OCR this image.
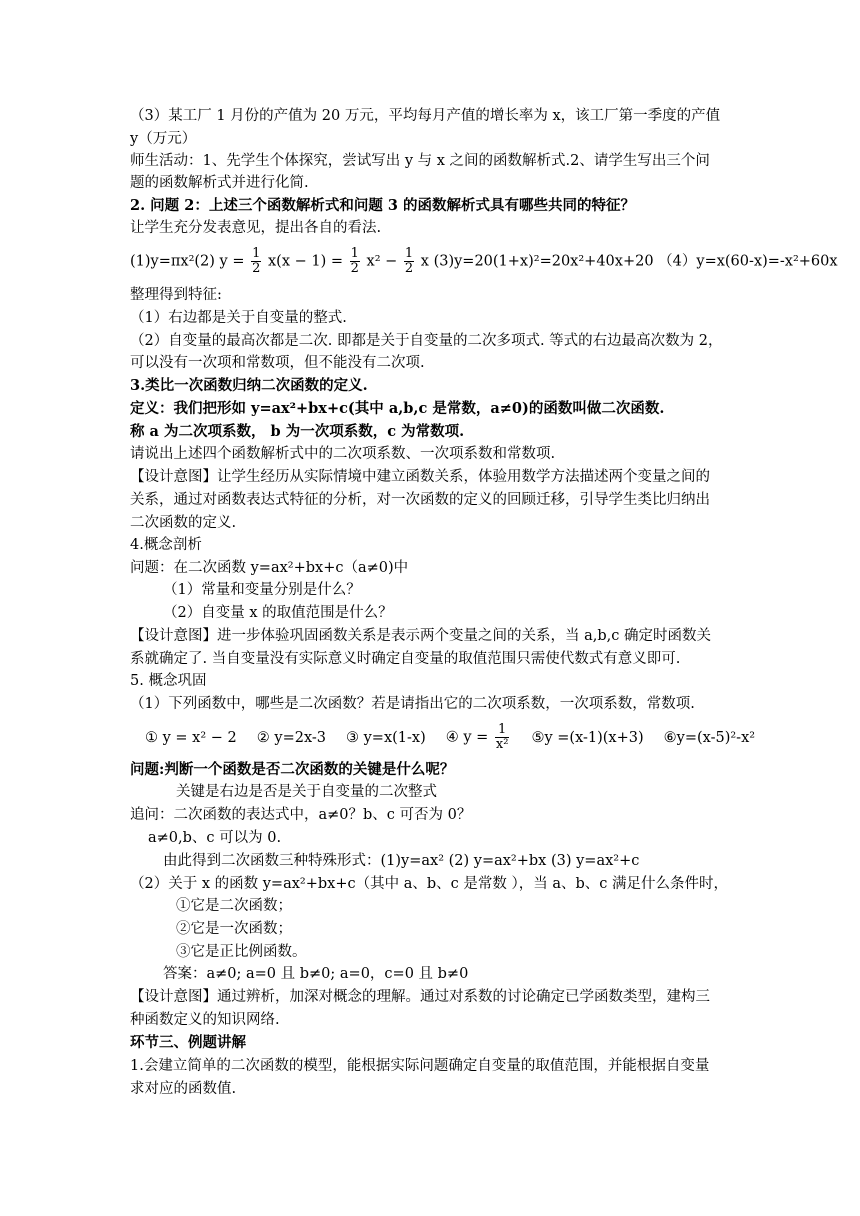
（3）某工厂 1 月份的产值为 20 万元，平均每月产值的增长率为 x，该工厂第一季度的产值
y（万元）
师生活动：1、先学生个体探究，尝试写出 y 与 x 之间的函数解析式.2、请学生写出三个问
题的函数解析式并进行化简.
2. 问题 2：上述三个函数解析式和问题 3 的函数解析式具有哪些共同的特征？
让学生充分发表意见，提出各自的看法.
(1)y=πx²(2) $y = \frac{1}{2} x(x - 1) = \frac{1}{2} x^2 - \frac{1}{2}$ x (3)y=20(1+x)²=20x²+40x+20 （4）y=x(60-x)=-x²+60x
整理得到特征:
（1）右边都是关于自变量的整式.
（2）自变量的最高次都是二次. 即都是关于自变量的二次多项式. 等式的右边最高次数为 2，
可以没有一次项和常数项，但不能没有二次项.
3.类比一次函数归纳二次函数的定义.
定义：我们把形如 y=ax²+bx+c(其中 a,b,c 是常数，a≠0)的函数叫做二次函数.
称 a 为二次项系数， b 为一次项系数，c 为常数项.
请说出上述四个函数解析式中的二次项系数、一次项系数和常数项.
【设计意图】让学生经历从实际情境中建立函数关系，体验用数学方法描述两个变量之间的
关系，通过对函数表达式特征的分析，对一次函数的定义的回顾迁移，引导学生类比归纳出
二次函数的定义.
4.概念剖析
问题：在二次函数 y=ax²+bx+c（a≠0)中
（1）常量和变量分别是什么？
（2）自变量 x 的取值范围是什么？
【设计意图】进一步体验巩固函数关系是表示两个变量之间的关系，当 a,b,c 确定时函数关
系就确定了. 当自变量没有实际意义时确定自变量的取值范围只需使代数式有意义即可.
5. 概念巩固
（1）下列函数中，哪些是二次函数？若是请指出它的二次项系数，一次项系数，常数项.
① y = x² − 2 ② y=2x-3 ③ y=x(1-x) ④ $y = \frac{1}{\text{x²}}$ ⑤y =(x-1)(x+3) ⑥y=(x-5)²-x²
问题:判断一个函数是否二次函数的关键是什么呢？
关键是右边是否是关于自变量的二次整式
追问：二次函数的表达式中，a≠0？b、c 可否为 0？
a≠0,b、c 可以为 0.
由此得到二次函数三种特殊形式：(1)y=ax² (2) y=ax²+bx (3) y=ax²+c
（2）关于 x 的函数 y=ax²+bx+c（其中 a、b、c 是常数 ），当 a、b、c 满足什么条件时，
①它是二次函数；
②它是一次函数；
③它是正比例函数。
答案：a≠0; a=0 且 b≠0; a=0，c=0 且 b≠0
【设计意图】通过辨析，加深对概念的理解。通过对系数的讨论确定已学函数类型，建构三
种函数定义的知识网络.
环节三、例题讲解
1.会建立简单的二次函数的模型，能根据实际问题确定自变量的取值范围，并能根据自变量
求对应的函数值.
